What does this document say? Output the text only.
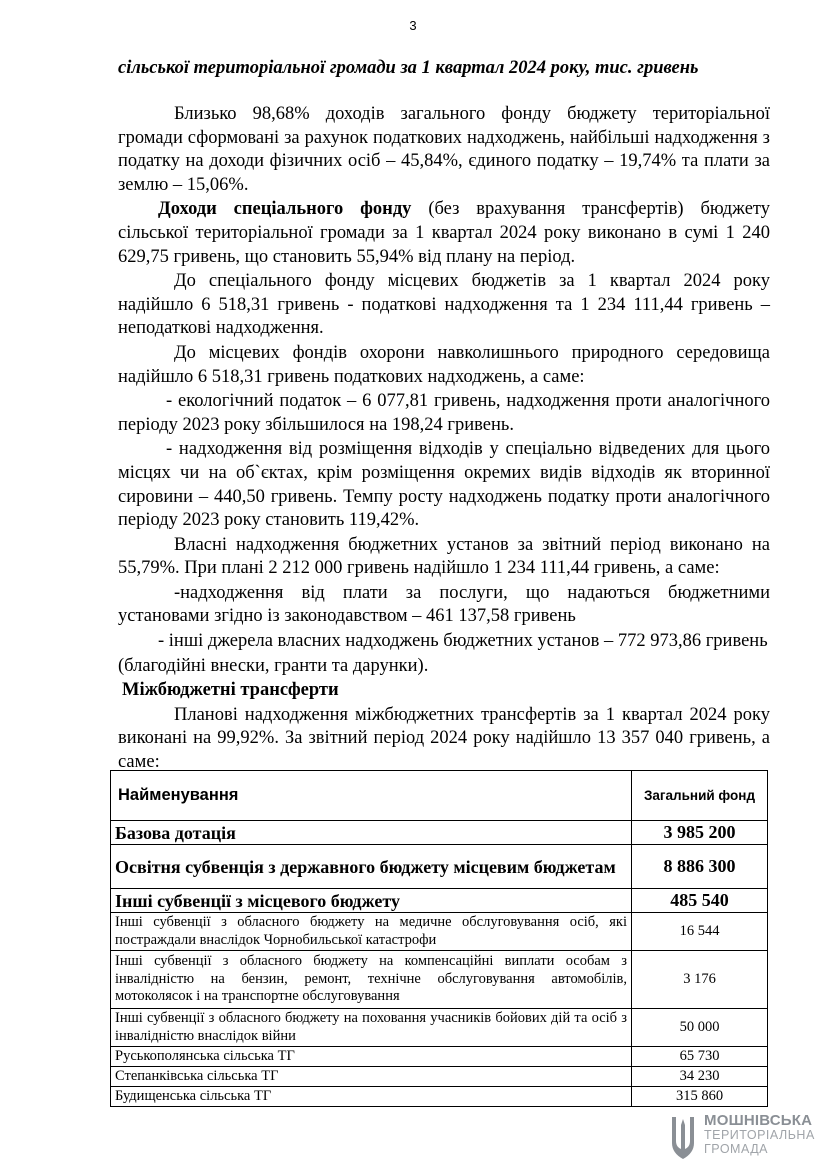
3
сільської територіальної громади за 1 квартал 2024 року, тис. гривень

Близько 98,68% доходів загального фонду бюджету територіальної громади сформовані за рахунок податкових надходжень, найбільші надходження з податку на доходи фізичних осіб – 45,84%, єдиного податку – 19,74% та плати за землю – 15,06%.

Доходи спеціального фонду (без врахування трансфертів) бюджету сільської територіальної громади за 1 квартал 2024 року виконано в сумі 1 240 629,75 гривень, що становить 55,94% від плану на період.

До спеціального фонду місцевих бюджетів за 1 квартал 2024 року надійшло 6 518,31 гривень - податкові надходження та 1 234 111,44 гривень – неподаткові надходження.

До місцевих фондів охорони навколишнього природного середовища надійшло 6 518,31 гривень податкових надходжень, а саме:

- екологічний податок – 6 077,81 гривень, надходження проти аналогічного періоду 2023 року збільшилося на 198,24 гривень.

- надходження від розміщення відходів у спеціально відведених для цього місцях чи на об`єктах, крім розміщення окремих видів відходів як вторинної сировини – 440,50 гривень. Темпу росту надходжень податку проти аналогічного періоду 2023 року становить 119,42%.

Власні надходження бюджетних установ за звітний період виконано на 55,79%. При плані 2 212 000 гривень надійшло 1 234 111,44 гривень, а саме:

-надходження від плати за послуги, що надаються бюджетними установами згідно із законодавством – 461 137,58 гривень

- інші джерела власних надходжень бюджетних установ – 772 973,86 гривень

(благодійні внески, гранти та дарунки).

Міжбюджетні трансферти

Планові надходження міжбюджетних трансфертів за 1 квартал 2024 року виконані на 99,92%. За звітний період 2024 року надійшло 13 357 040 гривень, а саме:

Найменування	Загальний фонд
Базова дотація	3 985 200
Освітня субвенція з державного бюджету місцевим бюджетам	8 886 300
Інші субвенції з місцевого бюджету	485 540
Інші субвенції з обласного бюджету на медичне обслуговування осіб, які постраждали внаслідок Чорнобильської катастрофи	16 544
Інші субвенції з обласного бюджету на компенсаційні виплати особам з інвалідністю на бензин, ремонт, технічне обслуговування автомобілів, мотоколясок і на транспортне обслуговування	3 176
Інші субвенції з обласного бюджету на поховання учасників бойових дій та осіб з інвалідністю внаслідок війни	50 000
Руськополянська сільська ТГ	65 730
Степанківська сільська ТГ	34 230
Будищенська сільська ТГ	315 860
МОШНІВСЬКА
ТЕРИТОРІАЛЬНА
ГРОМАДА
